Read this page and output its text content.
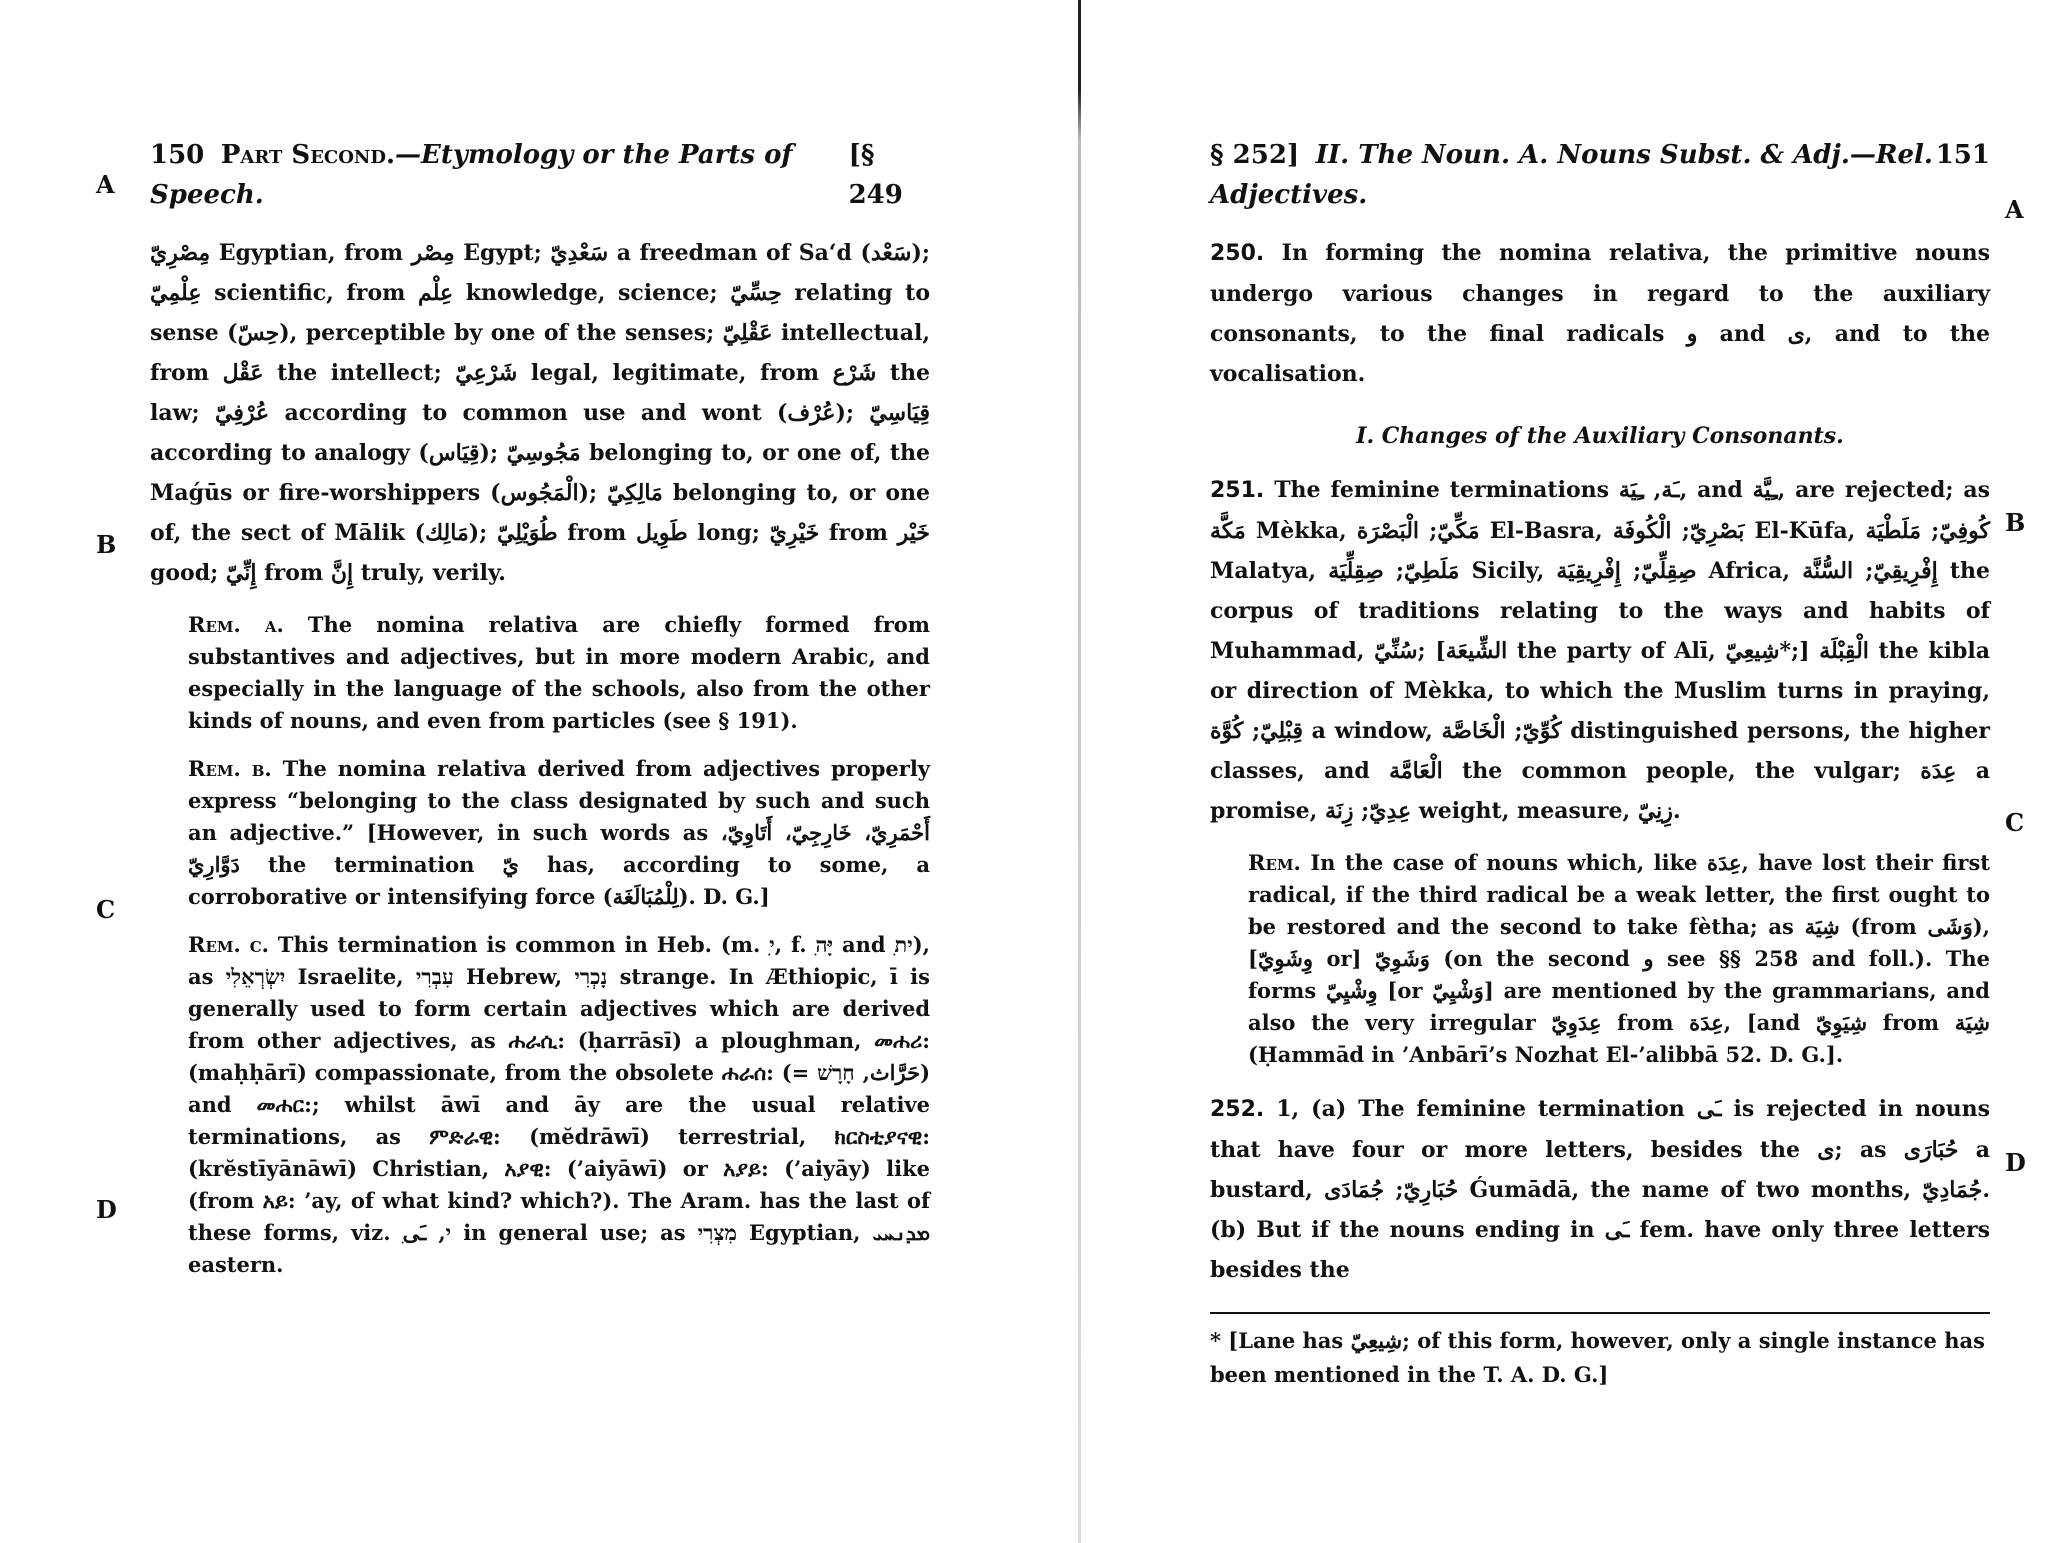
150 Part Second.—Etymology or the Parts of Speech.
[§ 249

مِصْرِيّ Egyptian, from مِصْر Egypt; سَعْدِيّ a freedman of Sa‘d (سَعْد); عِلْمِيّ scientific, from عِلْم knowledge, science; حِسِّيّ relating to sense (حِسّ), perceptible by one of the senses; عَقْلِيّ intellectual, from عَقْل the intellect; شَرْعِيّ legal, legitimate, from شَرْع the law; عُرْفِيّ according to common use and wont (عُرْف); قِيَاسِيّ according to analogy (قِيَاس); مَجُوسِيّ belonging to, or one of, the Maǵūs or fire-worshippers (الْمَجُوس); مَالِكِيّ belonging to, or one of, the sect of Mālik (مَالِك); طُوَيْلِيّ from طَوِيل long; خَيْرِيّ from خَيْر good; إِنِّيّ from إِنَّ truly, verily.

Rem. a. The nomina relativa are chiefly formed from substantives and adjectives, but in more modern Arabic, and especially in the language of the schools, also from the other kinds of nouns, and even from particles (see § 191).
Rem. b. The nomina relativa derived from adjectives properly express “belonging to the class designated by such and such an adjective.” [However, in such words as أَحْمَرِيّ، خَارِجِيّ، أَتَاوِيّ، دَوَّارِيّ the termination يّ has, according to some, a corroborative or intensifying force (لِلْمُبَالَغَة). D. G.]
Rem. c. This termination is common in Heb. (m. ִי, f. ִיָּה and ִית), as יִשְׂרְאֵלִי Israelite, עִבְרִי Hebrew, נָכְרִי strange. In Æthiopic, ī is generally used to form certain adjectives which are derived from other adjectives, as ሐራሲ: (ḥarrāsī) a ploughman, መሐሪ: (maḥḥārī) compassionate, from the obsolete ሐራሰ: (= حَرَّاث, חָרָשׁ) and መሐር:; whilst āwī and āy are the usual relative terminations, as ምድራዊ: (mĕdrāwī) terrestrial, ክርስቲያናዊ: (krĕstīyānāwī) Christian, አያዊ: (’aiyāwī) or አያይ: (’aiyāy) like (from አይ: ’ay, of what kind? which?). The Aram. has the last of these forms, viz. ִי, ـَى in general use; as מִצְרִי Egyptian, ܡܕܢܚܝ eastern.
A
B
C
D
§ 252] II. The Noun. A. Nouns Subst. & Adj.—Rel. Adjectives.
151

250. In forming the nomina relativa, the primitive nouns undergo various changes in regard to the auxiliary consonants, to the final radicals و and ى, and to the vocalisation.

I. Changes of the Auxiliary Consonants.

251. The feminine terminations ـَة, ـِيَة, and ـِيَّة, are rejected; as مَكَّة Mèkka, مَكِّيّ; الْبَصْرَة El-Basra, بَصْرِيّ; الْكُوفَة El-Kūfa, كُوفِيّ; مَلَطْيَة Malatya, مَلَطِيّ; صِقِلِّيَة Sicily, صِقِلِّيّ; إِفْرِيقِيَة Africa, إِفْرِيقِيّ; السُّنَّة the corpus of traditions relating to the ways and habits of Muhammad, سُنِّيّ; [الشِّيعَة the party of Alī, شِيعِيّ*;] الْقِبْلَة the kibla or direction of Mèkka, to which the Muslim turns in praying, قِبْلِيّ; كُوَّة a window, كُوِّيّ; الْخَاصَّة distinguished persons, the higher classes, and الْعَامَّة the common people, the vulgar; عِدَة a promise, عِدِيّ; زِنَة weight, measure, زِنِيّ.

Rem. In the case of nouns which, like عِدَة, have lost their first radical, if the third radical be a weak letter, the first ought to be restored and the second to take fètha; as شِيَة (from وَشَى), [وِشَوِيّ or] وَشَوِيّ (on the second و see §§ 258 and foll.). The forms وِشْيِيّ [or وَشْيِيّ] are mentioned by the grammarians, and also the very irregular عِدَوِيّ from عِدَة, [and شِيَوِيّ from شِيَة (Ḥammād in ’Anbārī’s Nozhat El-’alibbā 52. D. G.].

252. 1, (a) The feminine termination ـَى is rejected in nouns that have four or more letters, besides the ى; as حُبَارَى a bustard, حُبَارِيّ; جُمَادَى Ǵumādā, the name of two months, جُمَادِيّ. (b) But if the nouns ending in ـَى fem. have only three letters besides the

* [Lane has شِيعِيّ; of this form, however, only a single instance has been mentioned in the T. A. D. G.]
A
B
C
D
